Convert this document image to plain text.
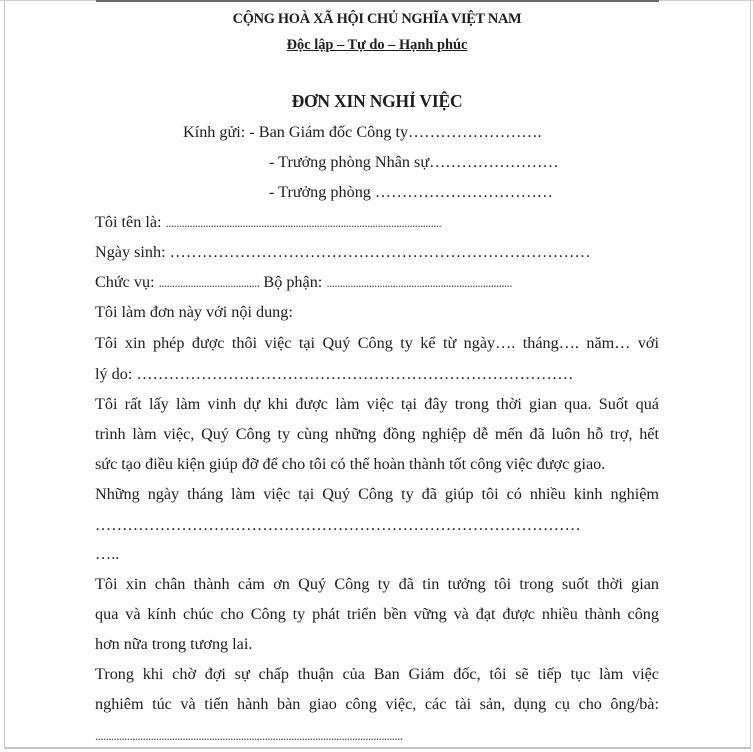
CỘNG HOÀ XÃ HỘI CHỦ NGHĨA VIỆT NAM
Độc lập – Tự do – Hạnh phúc
ĐƠN XIN NGHỈ VIỆC
Kính gửi: - Ban Giám đốc Công ty…………………….
- Trưởng phòng Nhân sự……………………
- Trưởng phòng ……………………………
Tôi tên là: ........................................................................................................
Ngày sinh: ……………………………………………………………………
Chức vụ: ...................................... Bộ phận: ......................................................................
Tôi làm đơn này với nội dung:
Tôi xin phép được thôi việc tại Quý Công ty kể từ ngày…. tháng…. năm… với
lý do: ………………………………………………………………………
Tôi rất lấy làm vinh dự khi được làm việc tại đây trong thời gian qua. Suốt quá
trình làm việc, Quý Công ty cùng những đồng nghiệp dễ mến đã luôn hỗ trợ, hết
sức tạo điều kiện giúp đỡ để cho tôi có thể hoàn thành tốt công việc được giao.
Những ngày tháng làm việc tại Quý Công ty đã giúp tôi có nhiều kinh nghiệm
………………………………………………………………………………
…..
Tôi xin chân thành cảm ơn Quý Công ty đã tin tưởng tôi trong suốt thời gian
qua và kính chúc cho Công ty phát triển bền vững và đạt được nhiều thành công
hơn nữa trong tương lai.
Trong khi chờ đợi sự chấp thuận của Ban Giám đốc, tôi sẽ tiếp tục làm việc
nghiêm túc và tiến hành bàn giao công việc, các tài sản, dụng cụ cho ông/bà:
....................................................................................................................
